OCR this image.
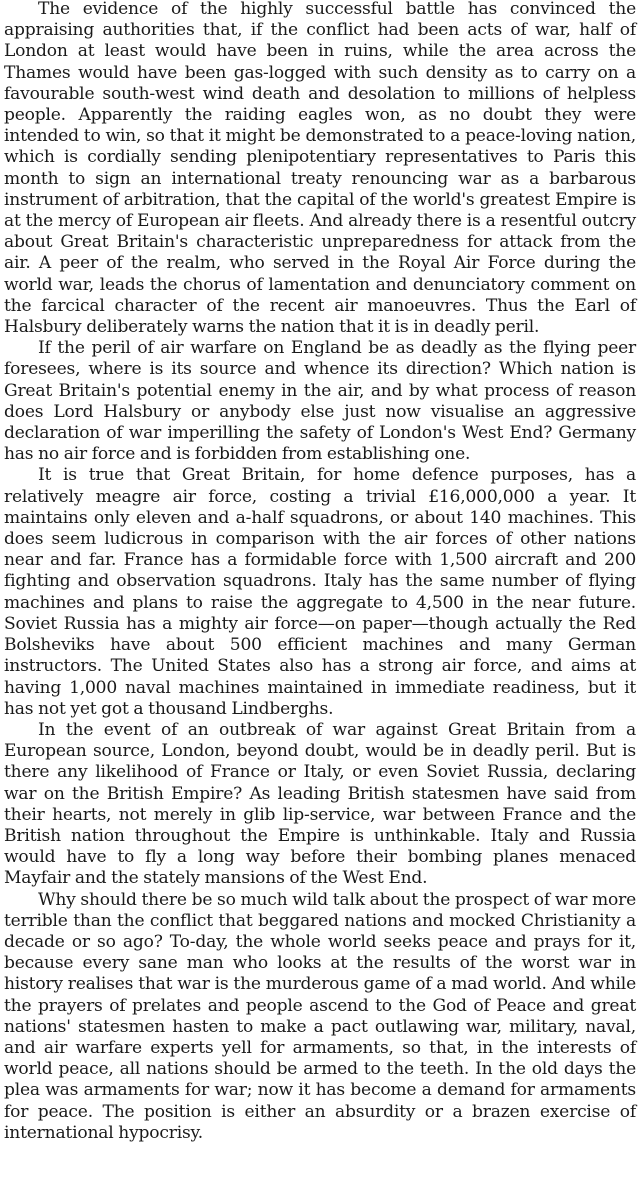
The evidence of the highly successful battle has convinced the appraising authorities that, if the conflict had been acts of war, half of London at least would have been in ruins, while the area across the Thames would have been gas-logged with such density as to carry on a favourable south-west wind death and desolation to millions of helpless people. Apparently the raiding eagles won, as no doubt they were intended to win, so that it might be demonstrated to a peace-loving nation, which is cordially sending plenipotentiary representatives to Paris this month to sign an international treaty renouncing war as a barbarous instrument of arbitration, that the capital of the world's greatest Empire is at the mercy of European air fleets. And already there is a resentful outcry about Great Britain's characteristic unpreparedness for attack from the air. A peer of the realm, who served in the Royal Air Force during the world war, leads the chorus of lamentation and denunciatory comment on the farcical character of the recent air manoeuvres. Thus the Earl of Halsbury deliberately warns the nation that it is in deadly peril.

If the peril of air warfare on England be as deadly as the flying peer foresees, where is its source and whence its direction? Which nation is Great Britain's potential enemy in the air, and by what process of reason does Lord Halsbury or anybody else just now visualise an aggressive declaration of war imperilling the safety of London's West End? Germany has no air force and is forbidden from establishing one.

It is true that Great Britain, for home defence purposes, has a relatively meagre air force, costing a trivial £16,000,000 a year. It maintains only eleven and a-half squadrons, or about 140 machines. This does seem ludicrous in comparison with the air forces of other nations near and far. France has a formidable force with 1,500 aircraft and 200 fighting and observation squadrons. Italy has the same number of flying machines and plans to raise the aggregate to 4,500 in the near future. Soviet Russia has a mighty air force—on paper—though actually the Red Bolsheviks have about 500 efficient machines and many German instructors. The United States also has a strong air force, and aims at having 1,000 naval machines maintained in immediate readiness, but it has not yet got a thousand Lindberghs.

In the event of an outbreak of war against Great Britain from a European source, London, beyond doubt, would be in deadly peril. But is there any likelihood of France or Italy, or even Soviet Russia, declaring war on the British Empire? As leading British statesmen have said from their hearts, not merely in glib lip-service, war between France and the British nation throughout the Empire is unthinkable. Italy and Russia would have to fly a long way before their bombing planes menaced Mayfair and the stately mansions of the West End.

Why should there be so much wild talk about the prospect of war more terrible than the conflict that beggared nations and mocked Christianity a decade or so ago? To-day, the whole world seeks peace and prays for it, because every sane man who looks at the results of the worst war in history realises that war is the murderous game of a mad world. And while the prayers of prelates and people ascend to the God of Peace and great nations' statesmen hasten to make a pact outlawing war, military, naval, and air warfare experts yell for armaments, so that, in the interests of world peace, all nations should be armed to the teeth. In the old days the plea was armaments for war; now it has become a demand for armaments for peace. The position is either an absurdity or a brazen exercise of international hypocrisy.
